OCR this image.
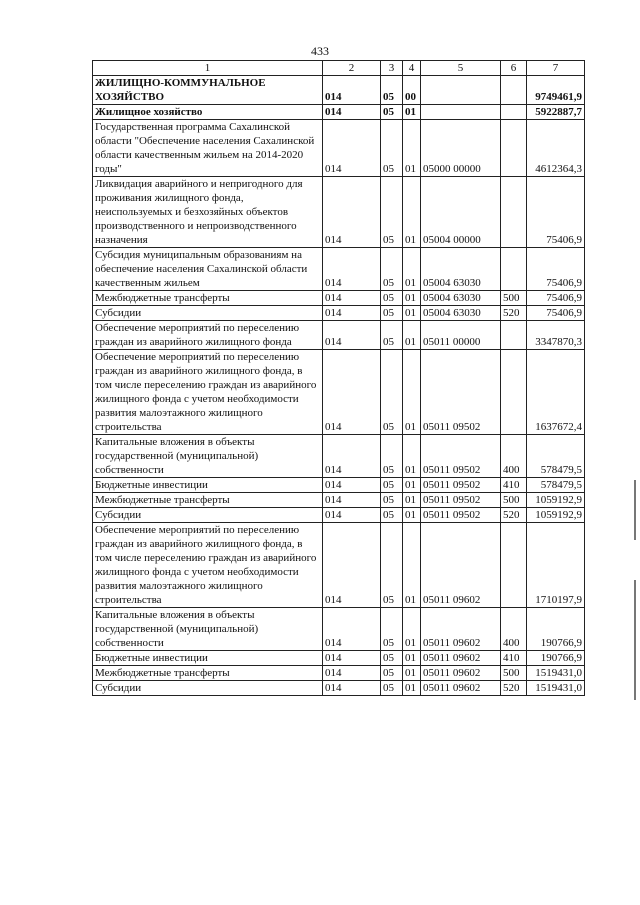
433
1	2	3	4	5	6	7
ЖИЛИЩНО-КОММУНАЛЬНОЕ ХОЗЯЙСТВО	014	05	00			9749461,9
Жилищное хозяйство	014	05	01			5922887,7
Государственная программа Сахалинской области "Обеспечение населения Сахалинской области качественным жильем на 2014-2020 годы"	014	05	01	05000 00000		4612364,3
Ликвидация аварийного и непригодного для проживания жилищного фонда, неиспользуемых и безхозяйных объектов производственного и непроизводственного назначения	014	05	01	05004 00000		75406,9
Субсидия муниципальным образованиям на обеспечение населения Сахалинской области качественным жильем	014	05	01	05004 63030		75406,9
Межбюджетные трансферты	014	05	01	05004 63030	500	75406,9
Субсидии	014	05	01	05004 63030	520	75406,9
Обеспечение мероприятий по переселению граждан из аварийного жилищного фонда	014	05	01	05011 00000		3347870,3
Обеспечение мероприятий по переселению граждан из аварийного жилищного фонда, в том числе переселению граждан из аварийного жилищного фонда с учетом необходимости развития малоэтажного жилищного строительства	014	05	01	05011 09502		1637672,4
Капитальные вложения в объекты государственной (муниципальной) собственности	014	05	01	05011 09502	400	578479,5
Бюджетные инвестиции	014	05	01	05011 09502	410	578479,5
Межбюджетные трансферты	014	05	01	05011 09502	500	1059192,9
Субсидии	014	05	01	05011 09502	520	1059192,9
Обеспечение мероприятий по переселению граждан из аварийного жилищного фонда, в том числе переселению граждан из аварийного жилищного фонда с учетом необходимости развития малоэтажного жилищного строительства	014	05	01	05011 09602		1710197,9
Капитальные вложения в объекты государственной (муниципальной) собственности	014	05	01	05011 09602	400	190766,9
Бюджетные инвестиции	014	05	01	05011 09602	410	190766,9
Межбюджетные трансферты	014	05	01	05011 09602	500	1519431,0
Субсидии	014	05	01	05011 09602	520	1519431,0
